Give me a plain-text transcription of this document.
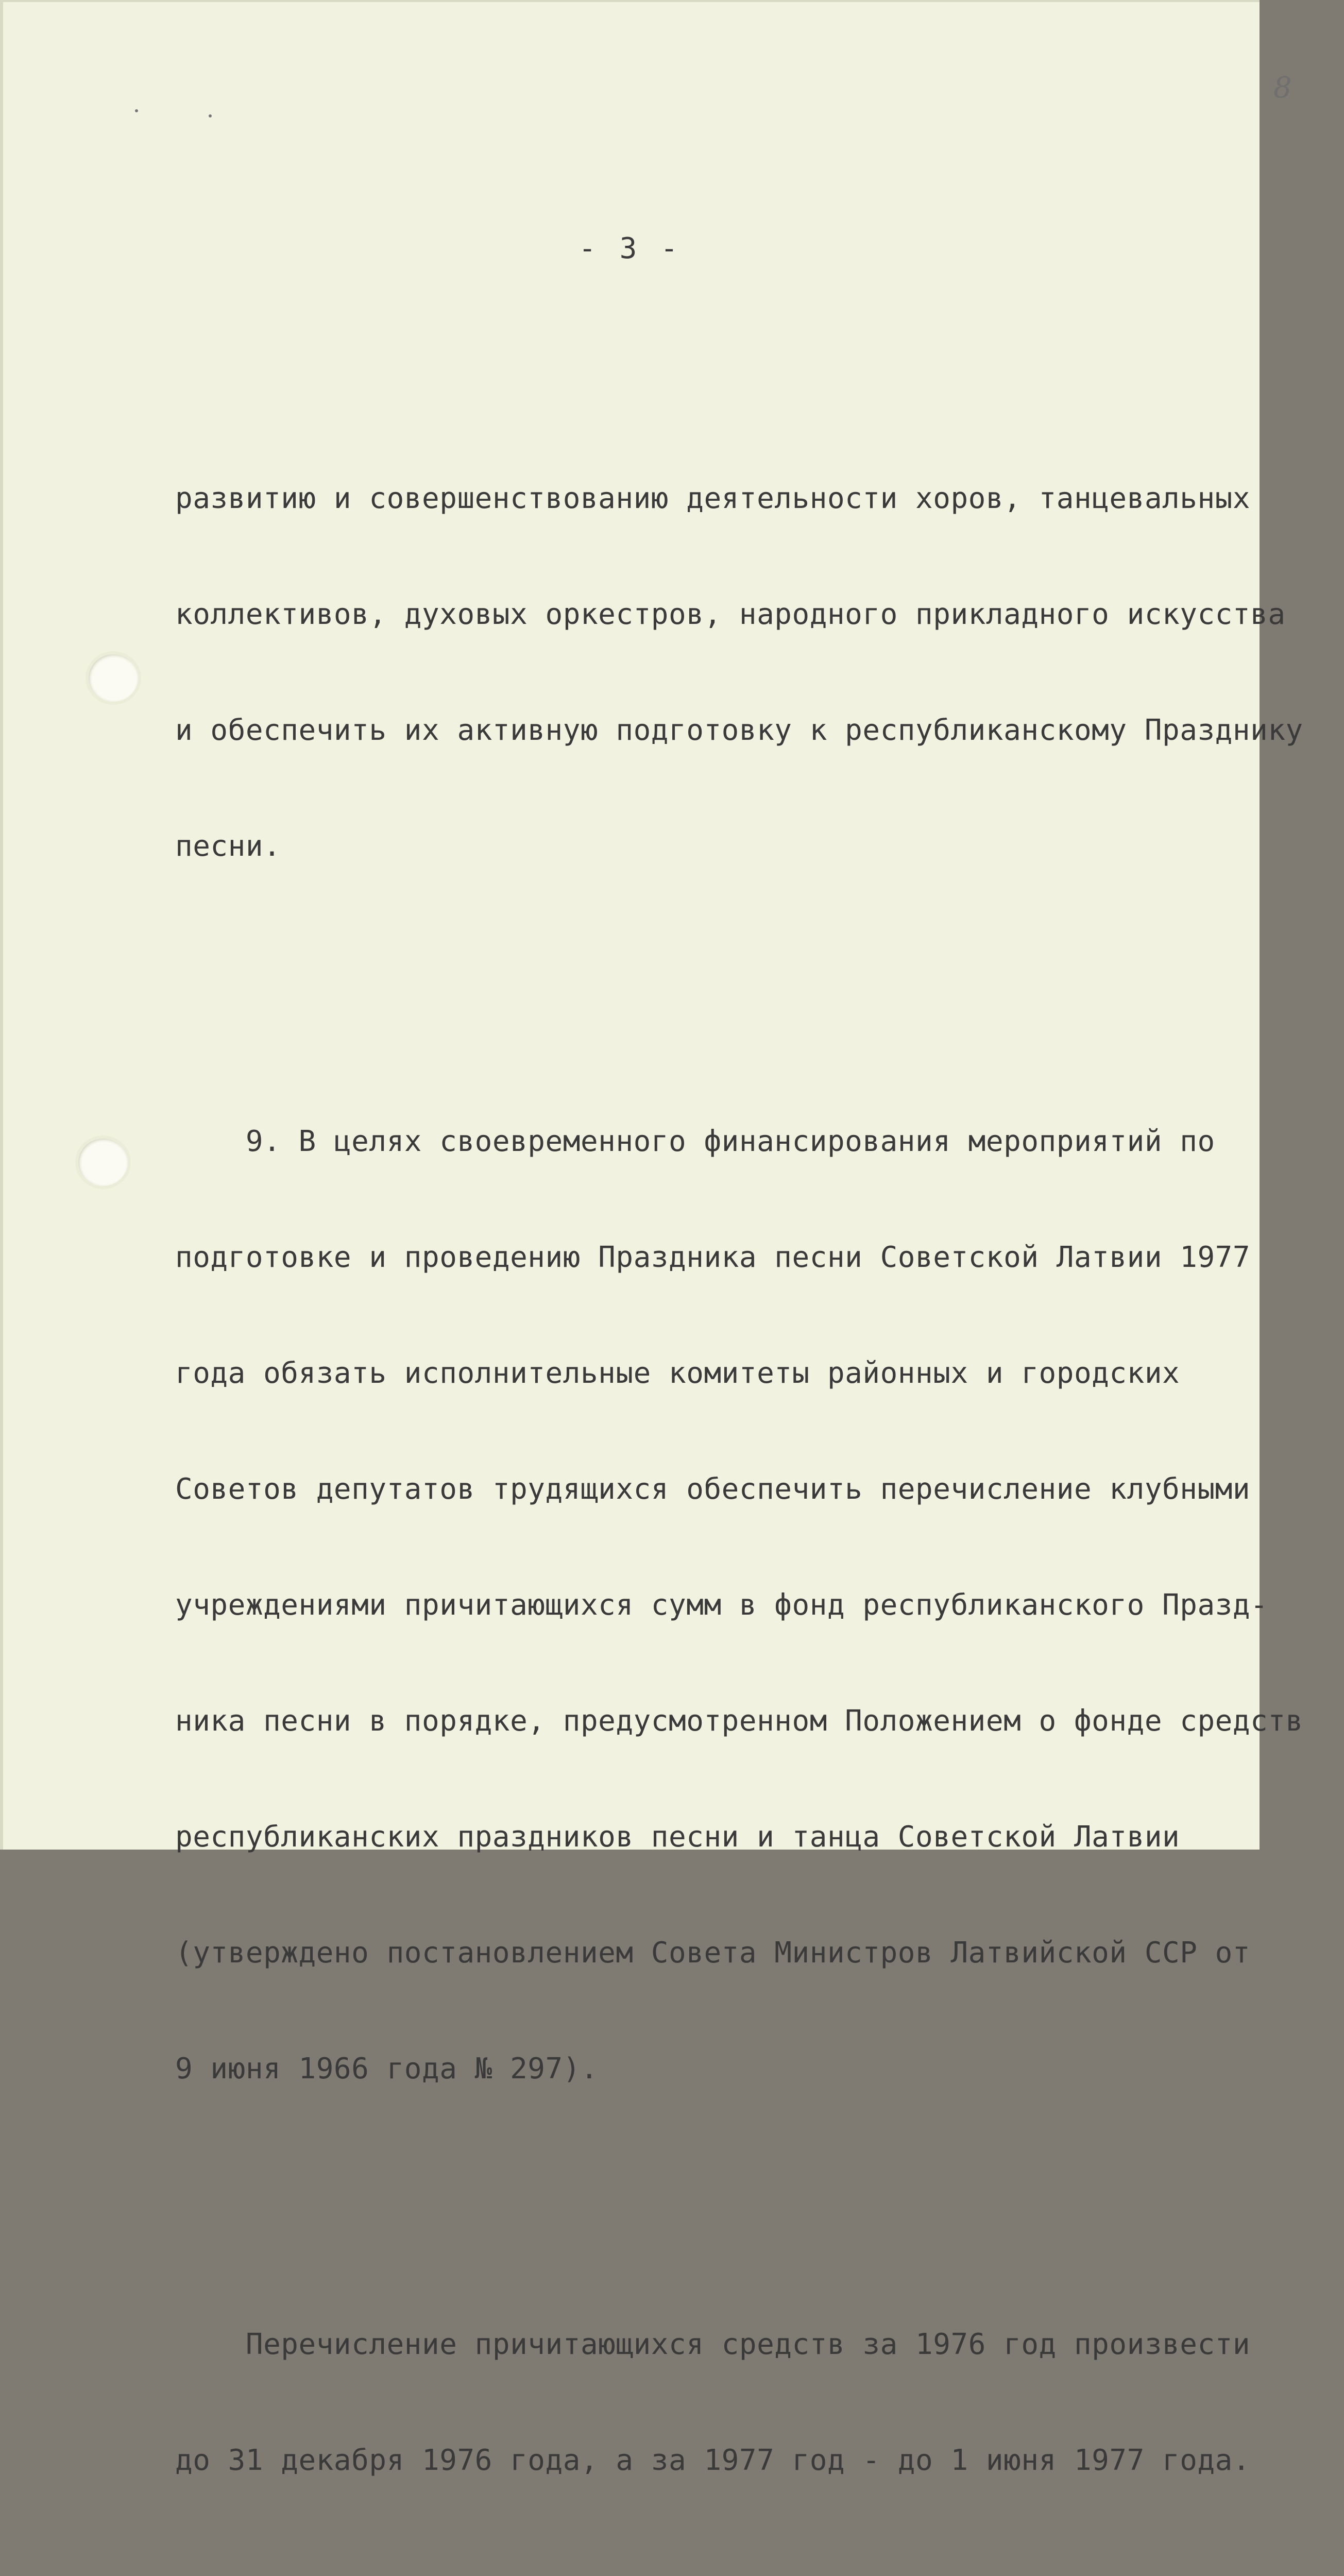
8
- 3 -

развитию и совершенствованию деятельности хоров, танцевальных

коллективов, духовых оркестров, народного прикладного искусства

и обеспечить их активную подготовку к республиканскому Празднику

песни.

9. В целях своевременного финансирования мероприятий по

подготовке и проведению Праздника песни Советской Латвии 1977

года обязать исполнительные комитеты районных и городских

Советов депутатов трудящихся обеспечить перечисление клубными

учреждениями причитающихся сумм в фонд республиканского Празд-

ника песни в порядке, предусмотренном Положением о фонде средств

республиканских праздников песни и танца Советской Латвии

(утверждено постановлением Совета Министров Латвийской ССР от

9 июня 1966 года № 297).

Перечисление причитающихся средств за 1976 год произвести

до 31 декабря 1976 года, а за 1977 год - до 1 июня 1977 года.
